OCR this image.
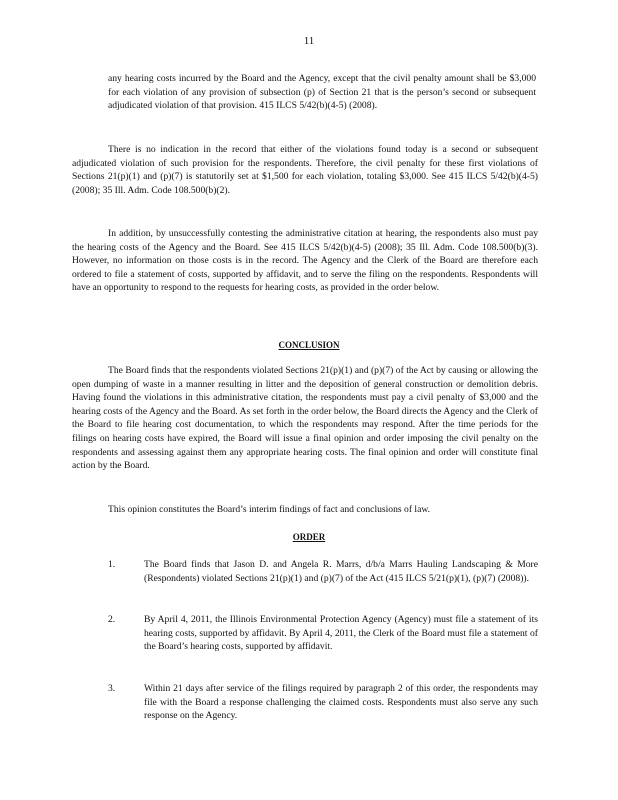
11

any hearing costs incurred by the Board and the Agency, except that the civil penalty amount shall be $3,000 for each violation of any provision of subsection (p) of Section 21 that is the person’s second or subsequent adjudicated violation of that provision. 415 ILCS 5/42(b)(4-5) (2008).

There is no indication in the record that either of the violations found today is a second or subsequent adjudicated violation of such provision for the respondents. Therefore, the civil penalty for these first violations of Sections 21(p)(1) and (p)(7) is statutorily set at $1,500 for each violation, totaling $3,000. See 415 ILCS 5/42(b)(4-5) (2008); 35 Ill. Adm. Code 108.500(b)(2).

In addition, by unsuccessfully contesting the administrative citation at hearing, the respondents also must pay the hearing costs of the Agency and the Board. See 415 ILCS 5/42(b)(4-5) (2008); 35 Ill. Adm. Code 108.500(b)(3). However, no information on those costs is in the record. The Agency and the Clerk of the Board are therefore each ordered to file a statement of costs, supported by affidavit, and to serve the filing on the respondents. Respondents will have an opportunity to respond to the requests for hearing costs, as provided in the order below.

CONCLUSION

The Board finds that the respondents violated Sections 21(p)(1) and (p)(7) of the Act by causing or allowing the open dumping of waste in a manner resulting in litter and the deposition of general construction or demolition debris. Having found the violations in this administrative citation, the respondents must pay a civil penalty of $3,000 and the hearing costs of the Agency and the Board. As set forth in the order below, the Board directs the Agency and the Clerk of the Board to file hearing cost documentation, to which the respondents may respond. After the time periods for the filings on hearing costs have expired, the Board will issue a final opinion and order imposing the civil penalty on the respondents and assessing against them any appropriate hearing costs. The final opinion and order will constitute final action by the Board.

This opinion constitutes the Board’s interim findings of fact and conclusions of law.

ORDER
1.	The Board finds that Jason D. and Angela R. Marrs, d/b/a Marrs Hauling Landscaping & More (Respondents) violated Sections 21(p)(1) and (p)(7) of the Act (415 ILCS 5/21(p)(1), (p)(7) (2008)).
2.	By April 4, 2011, the Illinois Environmental Protection Agency (Agency) must file a statement of its hearing costs, supported by affidavit. By April 4, 2011, the Clerk of the Board must file a statement of the Board’s hearing costs, supported by affidavit.
3.	Within 21 days after service of the filings required by paragraph 2 of this order, the respondents may file with the Board a response challenging the claimed costs. Respondents must also serve any such response on the Agency.
